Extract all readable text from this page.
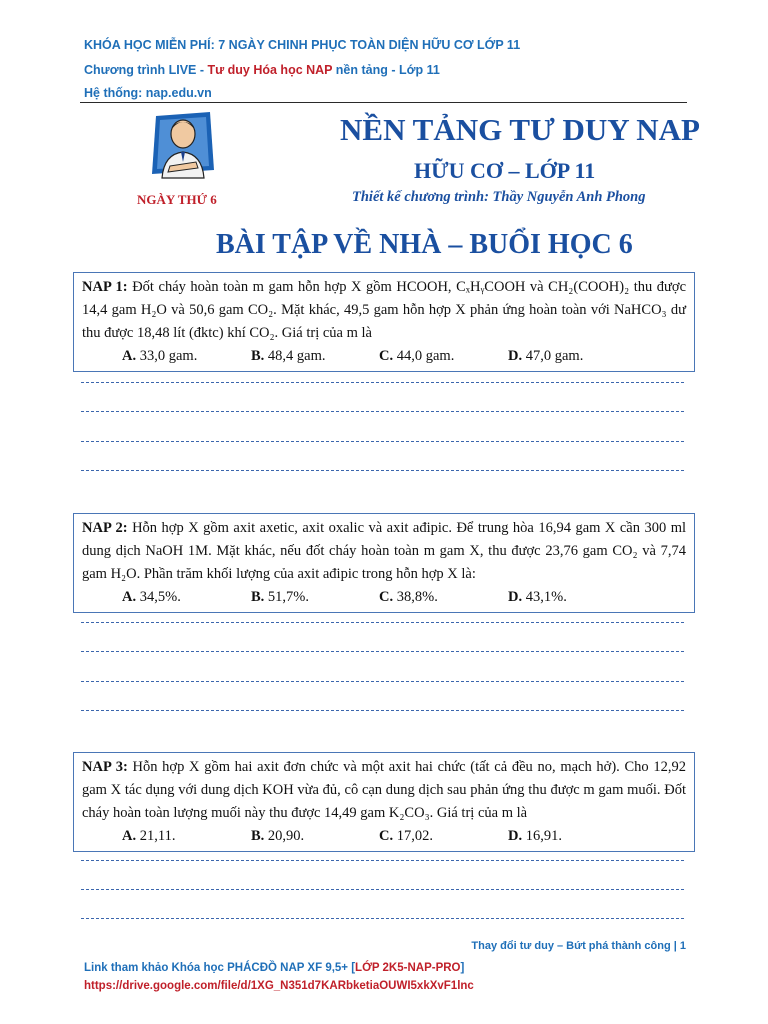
KHÓA HỌC MIỄN PHÍ: 7 NGÀY CHINH PHỤC TOÀN DIỆN HỮU CƠ LỚP 11
Chương trình LIVE - Tư duy Hóa học NAP nền tảng - Lớp 11
Hệ thống: nap.edu.vn
NGÀY THỨ 6
NỀN TẢNG TƯ DUY NAP
HỮU CƠ – LỚP 11
Thiết kế chương trình: Thầy Nguyễn Anh Phong
BÀI TẬP VỀ NHÀ – BUỔI HỌC 6
NAP 1: Đốt cháy hoàn toàn m gam hỗn hợp X gồm HCOOH, CₓHᵧCOOH và CH₂(COOH)₂ thu được 14,4 gam H₂O và 50,6 gam CO₂. Mặt khác, 49,5 gam hỗn hợp X phản ứng hoàn toàn với NaHCO₃ dư thu được 18,48 lít (đktc) khí CO₂. Giá trị của m là
A. 33,0 gam.	B. 48,4 gam.	C. 44,0 gam.	D. 47,0 gam.
NAP 2: Hỗn hợp X gồm axit axetic, axit oxalic và axit ađipic. Để trung hòa 16,94 gam X cần 300 ml dung dịch NaOH 1M. Mặt khác, nếu đốt cháy hoàn toàn m gam X, thu được 23,76 gam CO₂ và 7,74 gam H₂O. Phần trăm khối lượng của axit ađipic trong hỗn hợp X là:
A. 34,5%.	B. 51,7%.	C. 38,8%.	D. 43,1%.
NAP 3: Hỗn hợp X gồm hai axit đơn chức và một axit hai chức (tất cả đều no, mạch hở). Cho 12,92 gam X tác dụng với dung dịch KOH vừa đủ, cô cạn dung dịch sau phản ứng thu được m gam muối. Đốt cháy hoàn toàn lượng muối này thu được 14,49 gam K₂CO₃. Giá trị của m là
A. 21,11.	B. 20,90.	C. 17,02.	D. 16,91.
Thay đổi tư duy – Bứt phá thành công | 1
Link tham khảo Khóa học PHÁCĐỒ NAP XF 9,5+ [LỚP 2K5-NAP-PRO]
https://drive.google.com/file/d/1XG_N351d7KARbketiaOUWI5xkXvF1lnc
